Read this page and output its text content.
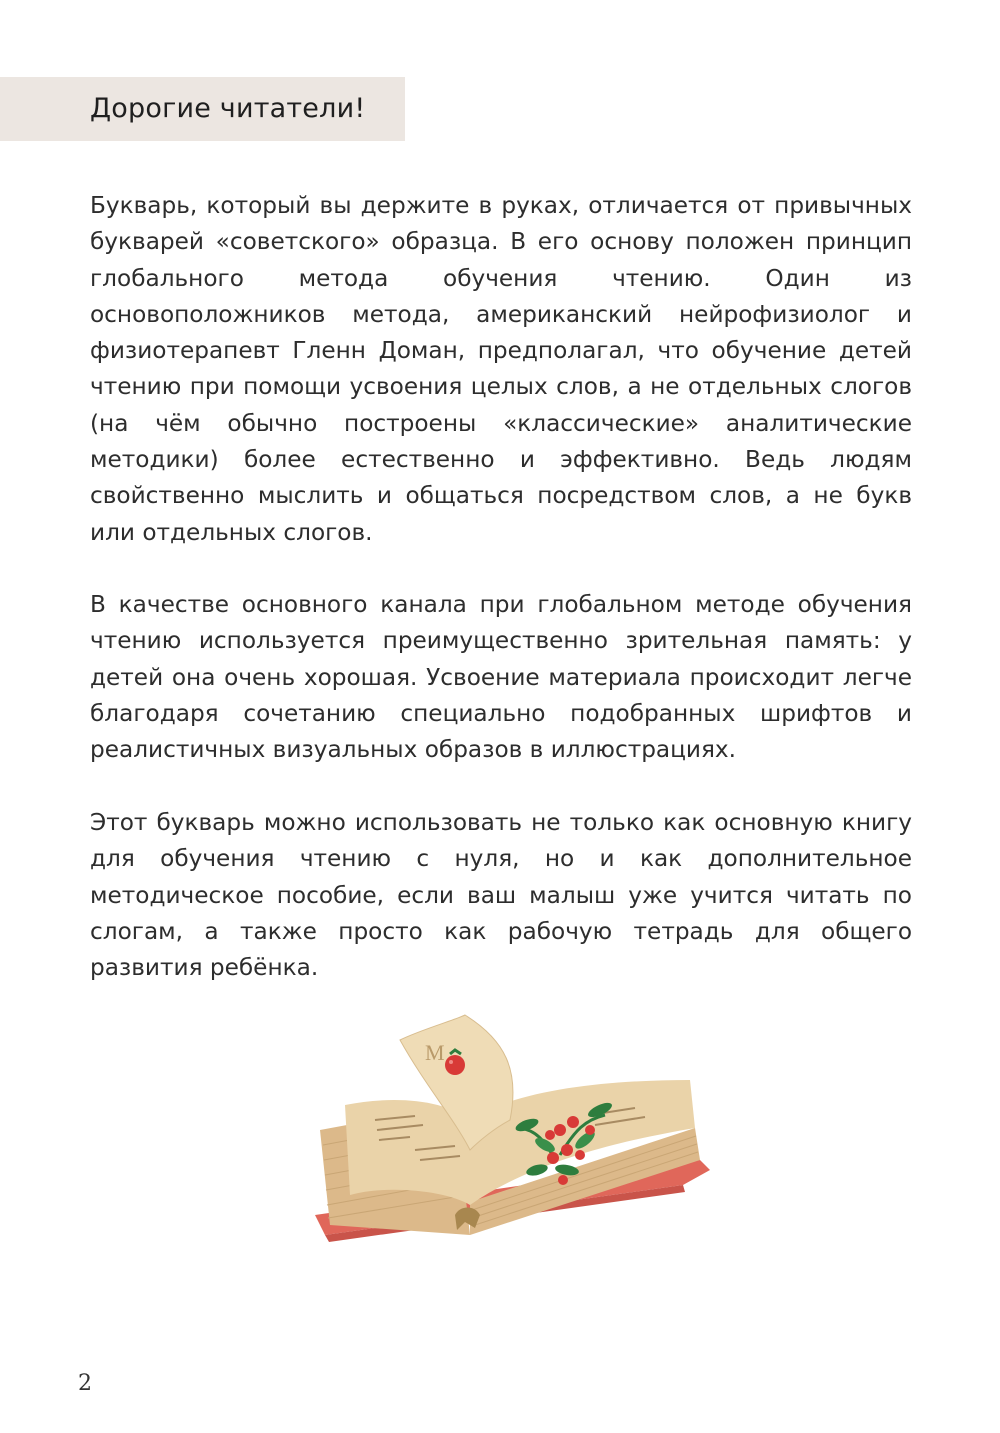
Дорогие читатели!

Букварь, который вы держите в руках, отличается от привычных букварей «советского» образца. В его основу положен принцип глобального метода обучения чтению. Один из основоположников метода, американский нейрофизиолог и физиотерапевт Гленн Доман, предполагал, что обучение детей чтению при помощи усвоения целых слов, а не отдельных слогов (на чём обычно построены «классические» аналитические методики) более естественно и эффективно. Ведь людям свойственно мыслить и общаться посредством слов, а не букв или отдельных слогов.

В качестве основного канала при глобальном методе обучения чтению используется преимущественно зрительная память: у детей она очень хорошая. Усвоение материала происходит легче благодаря сочетанию специально подобранных шрифтов и реалистичных визуальных образов в иллюстрациях.

Этот букварь можно использовать не только как основную книгу для обучения чтению с нуля, но и как дополнительное методическое пособие, если ваш малыш уже учится читать по слогам, а также просто как рабочую тетрадь для общего развития ребёнка.

М
2
